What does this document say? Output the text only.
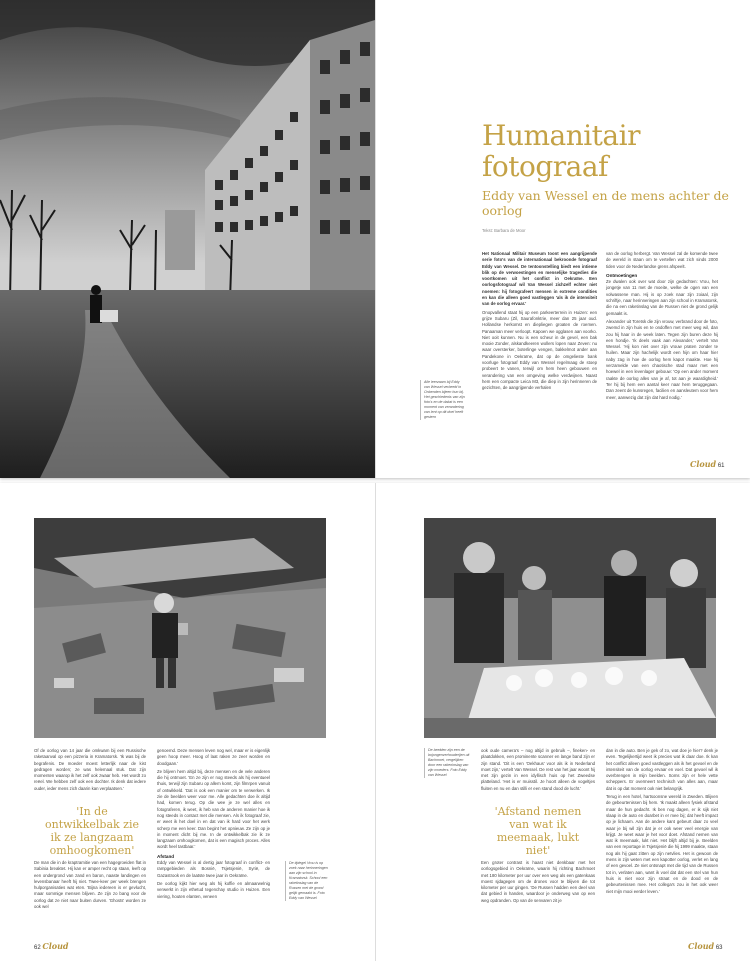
Humanitair
fotograaf
Eddy van Wessel en de mens achter de oorlog
Tekst: Barbara de Moor
Alle leerzaam bij Eddy van Wessel verbeeld in Onbenden bijeen hun bij. Het geschiedenis van zijn foto's en de dakat is een moment van verandering van lent op dit doel heeft gestern

Het Nationaal Militair Museum toont een aangrijpende serie foto's van de internationaal bekroonde fotograaf Eddy van Wessel. De tentoonstelling biedt een intieme blik op de verwoestingen en menselijke tragedies die voortkomen uit het conflict in Oekraïne. Een oorlogsfotograaf wil Van Wessel zichzelf echter niet noemen: hij fotografeert mensen in extreme condities en kan die alleen goed vastleggen 'als ik de intensiteit van de oorlog ervaar.'

Onopvallend staat hij op een parkeerterrein in Huizen: een grijze Subaru (Zil, Saurafonktrie, meer dan 25 jaar oud. Hollandse herkomst en diepliegen groaten de roemen. Panaaman meer verloopt. Kapoen we ogglasen aan voorko. Niet ooit kunnen. Nu is een scheur in de gevel, een bak mooie Zonder, alskandkeeren wollers lopen naar Zeven: nu waar oversterker, boterlinge vengen, bakkelmot ander aan Pandekone in Oekraïne, dat op de omgelieste bank voorluge fotograaf Eddy van Wessel regelmaag de stoep probeert te vanen, terwijl om hem heen gebouwen en verandering van een omgeving welke verdwijnen. Naast hem een compacte Leica M3, die diep in zijn herinneren de gezichten, de aangrijpende verhalen

van de oorlog herbergt. Van Wessel zal de komende twee de wereld in staan om te vertellen wat zich sinds 2000 tiden voor de Nederlandse grens afspeelt.

Ontmoetingen

Ze dwalen ook over wat door zijn gedachten: Vrou, het jongetje van 11 met de moeite, welke de ogen van een volwassene man. Hij is op zoek naar zijn zoiaal, zijn schriftje, naar herinneringen aan zijn school in Kramatorsk, die na een raketinslag van de Russen niet de grond gelijk gemaakt is.

Alexander uit Toretsk die zijn vrouw, verbrand door de foto, zwemd in zijn huis en te ondoffen met meer weg wil, dan zou hij haar in de week laten. Tegen zijn buren deze hij een hondje. 'Ik deels vaak aan Alexander,' vertelt Van Wessel. 'Hij kon niet over zijn vrouw praten zonder te huilen. Maar zijn hachelijk wordt een hijn om haar hier naby zag in hoe de oorlog hem kapot maakte. Hoe hij verzamelde van een chaotische stad maar met een hoewel in een levenlager gebouw: 'Op een ander moment raakte de oorlog alles van je af, tot aan je waardigheid.' Ter hij bij hem een aantal keer naar hem teruggegaan. Dan zeent de kunsregen, facilien en aansleutem voor hem meer, aanwezig dat zijn dat hard nodig.'

Cloud 61

Of de oorlog van 14 jaar die omkwam bij een Russische raketaanval op een pizzeria in Kramatorsk. 'Ik was bij de begrafenis. De moeder moest letterlijk naar de kist gedragen worden; ze was helemaal stuk. Dat zijn momenten waarop ik het zelf ook zwaar heb. Het wordt zo reëel. We hebben zelf ook een dochter. Ik denk dat iedere ouder, ieder mens zich daarin kan verplaatsen.'

'In de ontwikkelbak zie ik ze langzaam omhoogkomen'

De man die in de kraptramitie van een hagegroeiden flat in Sabinia breaktet. Hij kan er amper recht op staan, leeft op een ondergrond van zand en baron, naaste landingen en levensbanaar heeft hij niet. Twee-keer per week brengen hulporganisaties wat eten. 'Bijna iedereen is er gevlucht, maar sommige mensen blijven. Ze zijn zo bang voor de oorlog dat ze niet naar buiten durven. 'Ghosts' worden ze ook wel

genoemd. Deze mensen leven nog wel, maar er is eigenlijk geen hoop meer. Hoog of laat raken ze zeer worden en doodgaan.'

Ze blijven hem altijd bij, deze mensen en de vele anderen die hij ontmoet. 'En ze zijn er nog steeds als hij eventueel thuis, terwijl zijn Subaru op allem komt, zijn filmrpen vanuit of ontwikkeld. 'Dat is ook een manier om te verwerken. Ik zie de beelden weer voor me. Alle gedachten doe ik altijd had, komen terug. Op die wee je ze wel alles en fotograferen, ik weet, ik heb van de anderen manier hoe ik nog steeds in contact met die mensen. Als ik fotograaf zie, er weet ik het doel in en dat van ik hard voor het werk scherp me een keer. Dan begint het opnieuw. Ze zijn op je in moment dicht bij me. In de ontwikkelbak zie ik ze langzaam omhoogkomen, dat is een magisch proces. Alles wordt heel tastbaar.'

Afstand

Eddy van Wessel is al dertig jaar fotograaf in conflict- en rampgebieden als Bosnië, Tsjetsjenië, Syrië, de Gazastrook en de laatste twee jaar in Oekraïne.

De oorlog kijkt hier weg als hij koffie en almaarwelnig verwerkt in zijn ethetud tegenchay studio in Huizen. Een viering, houten elanten, veneen

De tijdegel Vrou is op zoek naar herinneringen aan zijn school in Kramatorsk. School een raketinslag van de Russen met de grond gelijk gemaakt is. Foto Eddy van Wessel
62 Cloud
De beelden zijn een de bojongenverhouderijen uit Bachmoet, vergelijken door een rakeninslag van zijn moeders. Foto Eddy van Wessel

ook oude camera's – nog altijd in gebruik –, fineken- en plaatdokken, een prominente scanner en lange band zijn er zijn stand. 'Dit is een 'Oekhaus' voor als ik in Nederland moet zijn,' vertelt Van Wessel. De rest van het jaar woont hij met zijn gezin in een idyllisch huis op het Zweedse platteland. 'Het is er muisstil. Je hoort alleen de vogeltjes fluiten en nu en dan stilli er een stand dood de lucht.'

'Afstand nemen van wat ik meemaak, lukt niet'

Een groter contrast is haast niet denkbaar met het oorlogsgebied in Oekraïne, waarin hij richting Bachmoet met 180 kilometer per uur over een weg als een gatenkaas moest sjdagegen om de drones voor te blijven die tot kilometer per uur gingen. 'De Russen hadden een deel van dat gebied in handen, waardoor je onderweg van op een weg opdranden. Op van de senvaren zit je

dan in die auto. Ben je gek of zo, wat doe je hier? denk je even. Tegelijkertijd weet ik precies wat ik daar doe. Ik kan het conflict alleen goed vastleggen als ik het gevoel en de intensiteit van de oorlog ervaar en voel. Dat gevoel wil ik overbrengen in mijn beelden. Soms zijn er hele vette scheppers. Er overmeert technisch van alles aan, maar dat is op dat moment ook niet belangrijk.

Terug in een hotel, hartsoonsne wereld in Zweden. Blijven de gebeurtenissen bij hem. 'Ik maakt alleen fysiek afstand maar de hun gedacht. Ik ben nog dagen, er ik sijk niet slaap in de auto en doarbet in er mee bij; dat heeft impact op je lichaam. Aan de andere kant gebeurt daar zo veel waar je bij wil zijn dat je er ook weer veel energie van krijgt. Je weet waar je het voor doet. Afstand nemen van wat ik meemaak, lukt niet. Het blijft altijd bij je. Beelden van een reportage in Tsjetsjenië die hij 1999 maakte, staan nog als hij gaat zitten op zijn netvlies. Het is gewoon de mens in zijn weten met een kapotter oorlog, verlet en lang of een gevoel. Ze niet ontsnapt met die tijd van de Russen tot in, verlaten aan, want ik voel dat dat een stel van hun huis is niet voor zijn straat en de dood en de gebeurtenissen mee. Het collega's zou in het ook weer niet mijn mooi eerder leven.'

Cloud 63
